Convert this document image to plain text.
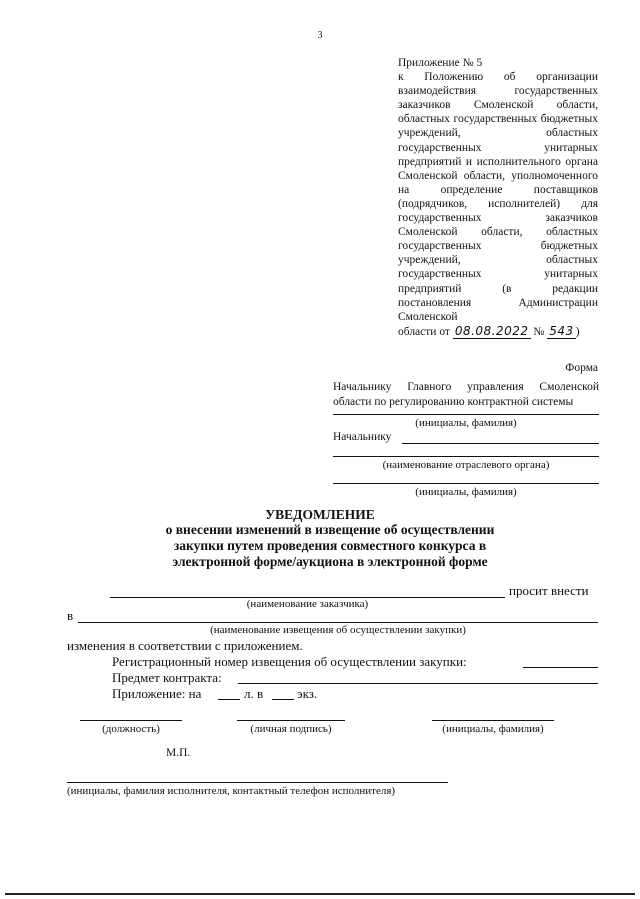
3
Приложение № 5
к Положению об организации взаимодействия государственных заказчиков Смоленской области, областных государственных бюджетных учреждений, областных государственных унитарных предприятий и исполнительного органа Смоленской области, уполномоченного на определение поставщиков (подрядчиков, исполнителей) для государственных заказчиков Смоленской области, областных государственных бюджетных учреждений, областных государственных унитарных предприятий (в редакции постановления Администрации Смоленской
области от 08.08.2022 № 543 )
Форма
Начальнику Главного управления Смоленской области по регулированию контрактной системы
(инициалы, фамилия)
Начальнику
(наименование отраслевого органа)
(инициалы, фамилия)
УВЕДОМЛЕНИЕ
о внесении изменений в извещение об осуществлении
закупки путем проведения совместного конкурса в
электронной форме/аукциона в электронной форме
просит внести
(наименование заказчика)
в
(наименование извещения об осуществлении закупки)
изменения в соответствии с приложением.
Регистрационный номер извещения об осуществлении закупки:
Предмет контракта:
Приложение: на	л. в	экз.
(должность)	(личная подпись)	(инициалы, фамилия)
М.П.
(инициалы, фамилия исполнителя, контактный телефон исполнителя)
